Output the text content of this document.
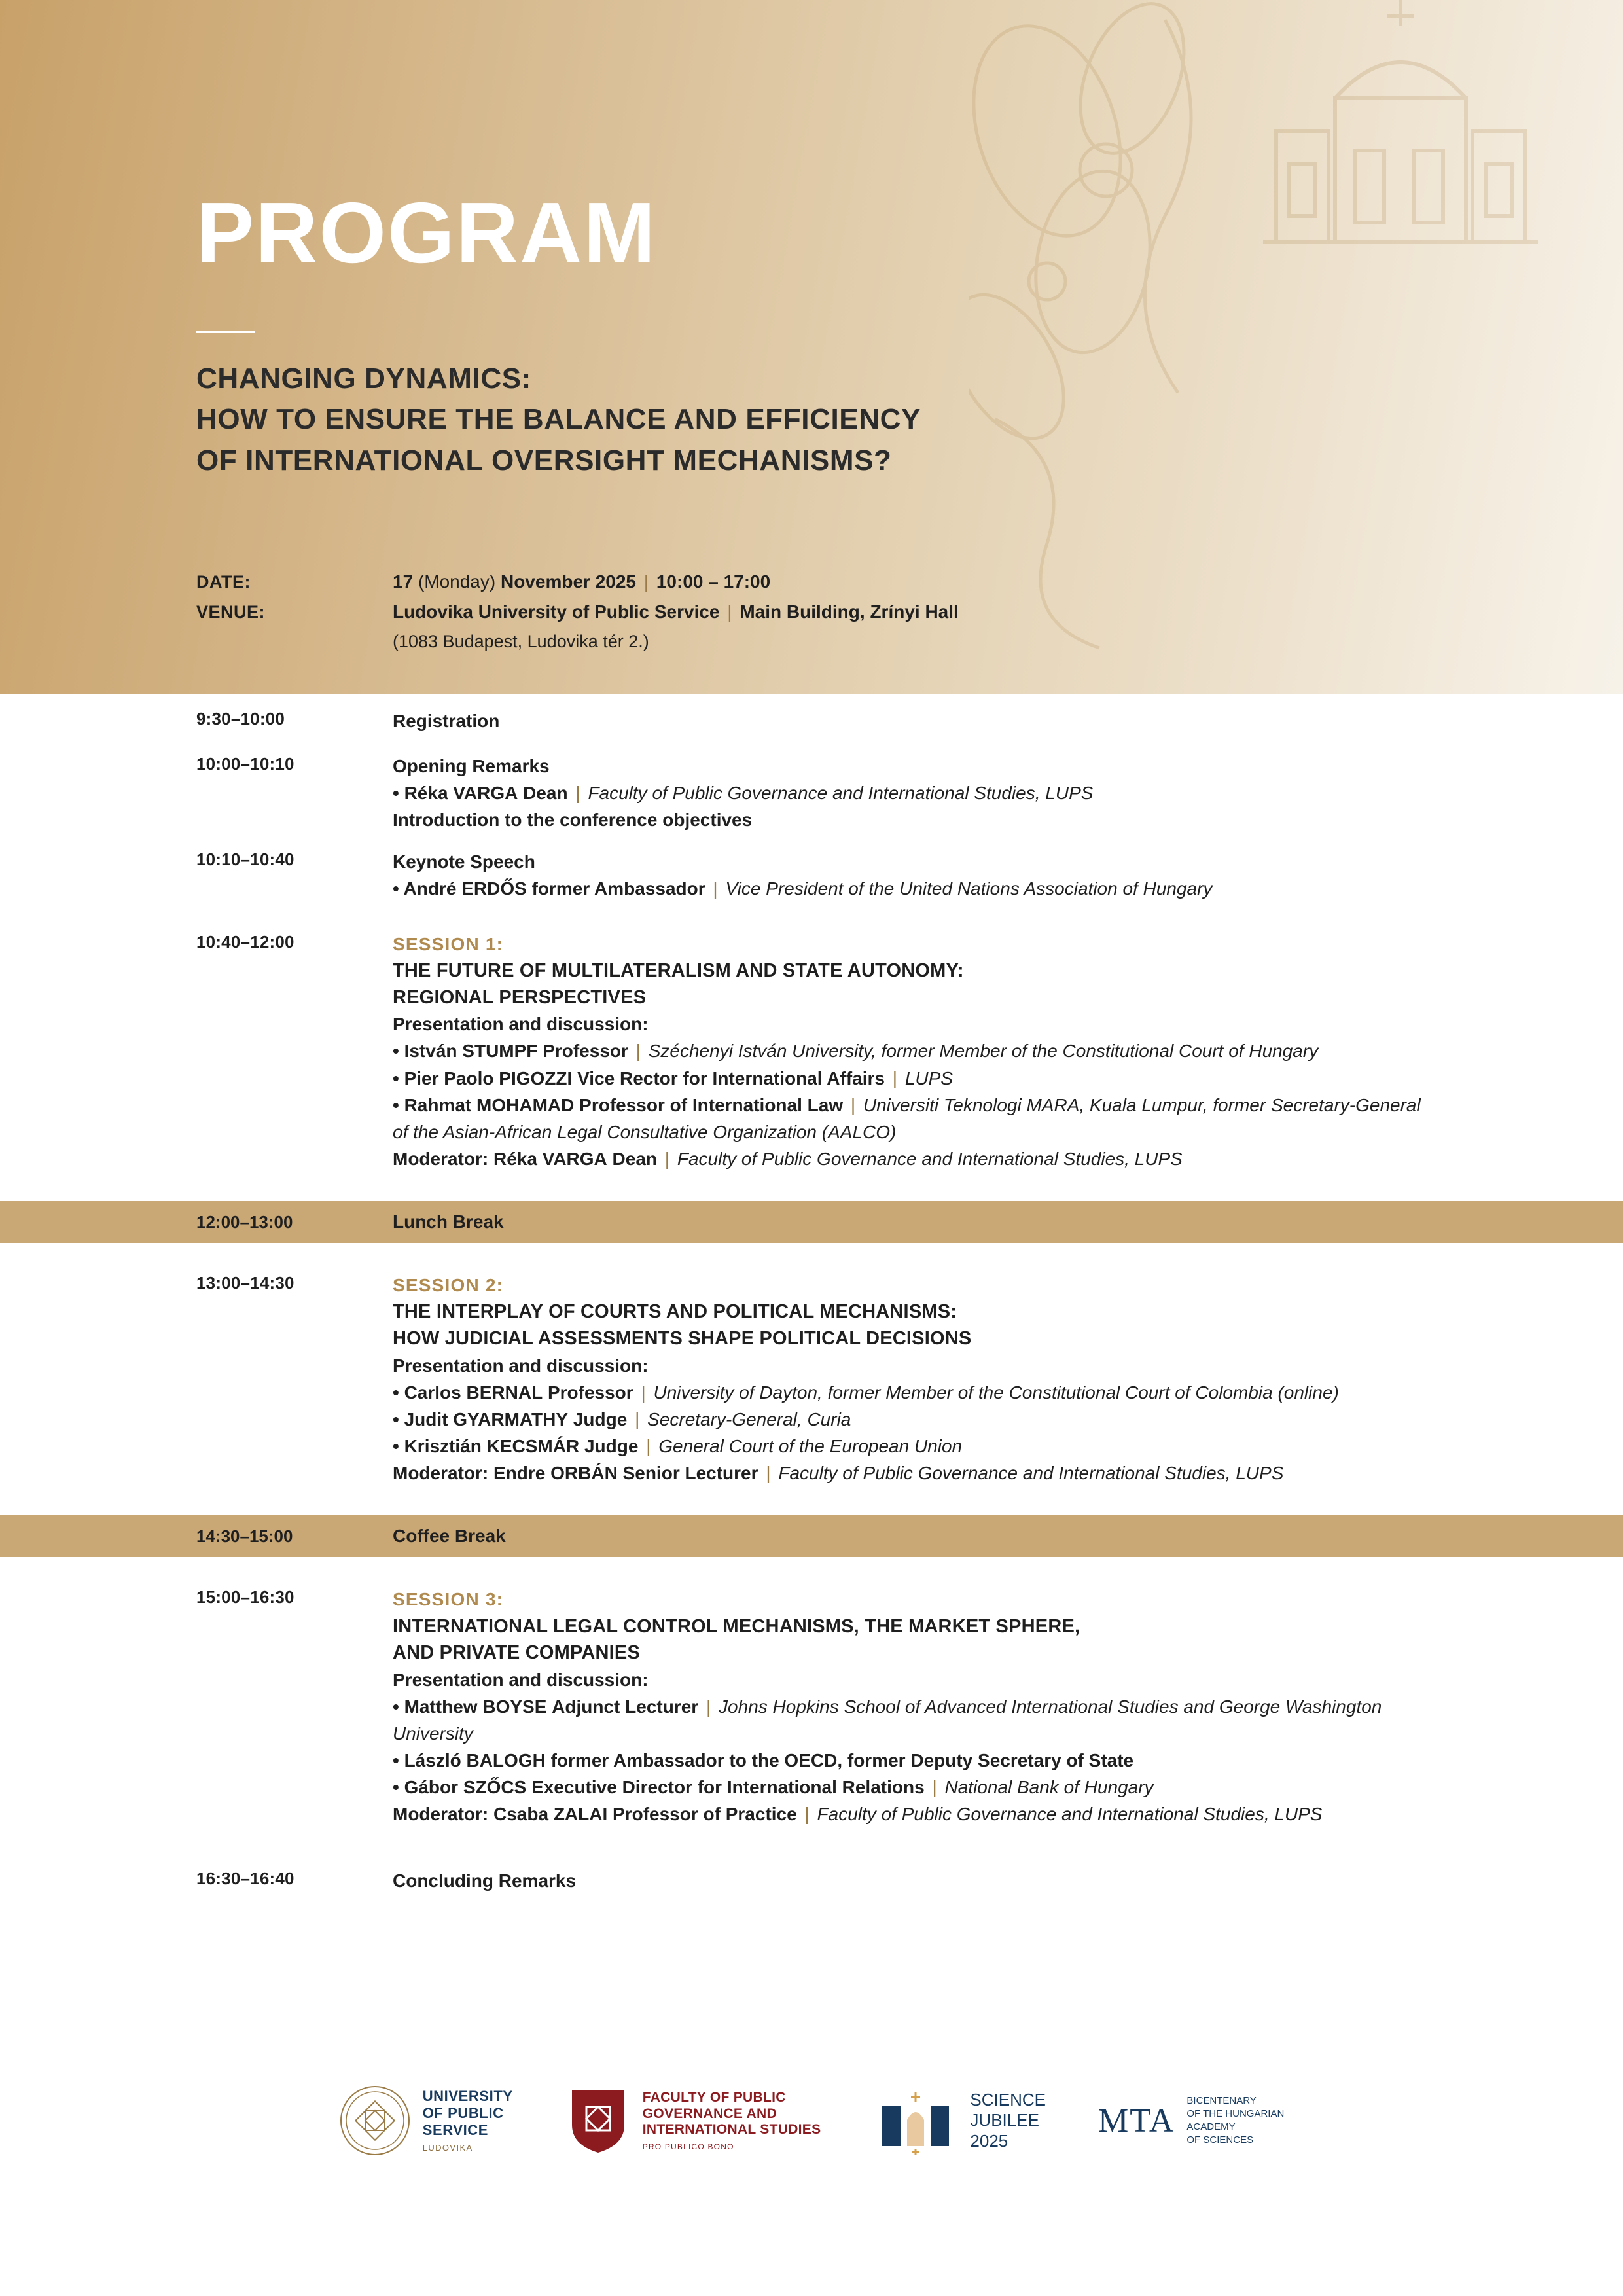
PROGRAM
CHANGING DYNAMICS:
HOW TO ENSURE THE BALANCE AND EFFICIENCY
OF INTERNATIONAL OVERSIGHT MECHANISMS?
DATE:	17 (Monday) November 2025 | 10:00 – 17:00
VENUE:	Ludovika University of Public Service | Main Building, Zrínyi Hall
(1083 Budapest, Ludovika tér 2.)
9:30–10:00	Registration
10:00–10:10	Opening Remarks
• Réka VARGA Dean | Faculty of Public Governance and International Studies, LUPS
Introduction to the conference objectives
10:10–10:40	Keynote Speech
• André ERDŐS former Ambassador | Vice President of the United Nations Association of Hungary
10:40–12:00	SESSION 1:
THE FUTURE OF MULTILATERALISM AND STATE AUTONOMY:
REGIONAL PERSPECTIVES
Presentation and discussion:
• István STUMPF Professor | Széchenyi István University, former Member of the Constitutional Court of Hungary
• Pier Paolo PIGOZZI Vice Rector for International Affairs | LUPS
• Rahmat MOHAMAD Professor of International Law | Universiti Teknologi MARA, Kuala Lumpur, former Secretary-General of the Asian-African Legal Consultative Organization (AALCO)
Moderator: Réka VARGA Dean | Faculty of Public Governance and International Studies, LUPS
12:00–13:00	Lunch Break
13:00–14:30	SESSION 2:
THE INTERPLAY OF COURTS AND POLITICAL MECHANISMS:
HOW JUDICIAL ASSESSMENTS SHAPE POLITICAL DECISIONS
Presentation and discussion:
• Carlos BERNAL Professor | University of Dayton, former Member of the Constitutional Court of Colombia (online)
• Judit GYARMATHY Judge | Secretary-General, Curia
• Krisztián KECSMÁR Judge | General Court of the European Union
Moderator: Endre ORBÁN Senior Lecturer | Faculty of Public Governance and International Studies, LUPS
14:30–15:00	Coffee Break
15:00–16:30	SESSION 3:
INTERNATIONAL LEGAL CONTROL MECHANISMS, THE MARKET SPHERE,
AND PRIVATE COMPANIES
Presentation and discussion:
• Matthew BOYSE Adjunct Lecturer | Johns Hopkins School of Advanced International Studies and George Washington University
• László BALOGH former Ambassador to the OECD, former Deputy Secretary of State
• Gábor SZŐCS Executive Director for International Relations | National Bank of Hungary
Moderator: Csaba ZALAI Professor of Practice | Faculty of Public Governance and International Studies, LUPS
16:30–16:40	Concluding Remarks
UNIVERSITY
OF PUBLIC
SERVICE
LUDOVIKA
FACULTY OF PUBLIC
GOVERNANCE AND
INTERNATIONAL STUDIES
PRO PUBLICO BONO
SCIENCE
JUBILEE
2025
MTA
BICENTENARY
OF THE HUNGARIAN
ACADEMY
OF SCIENCES
